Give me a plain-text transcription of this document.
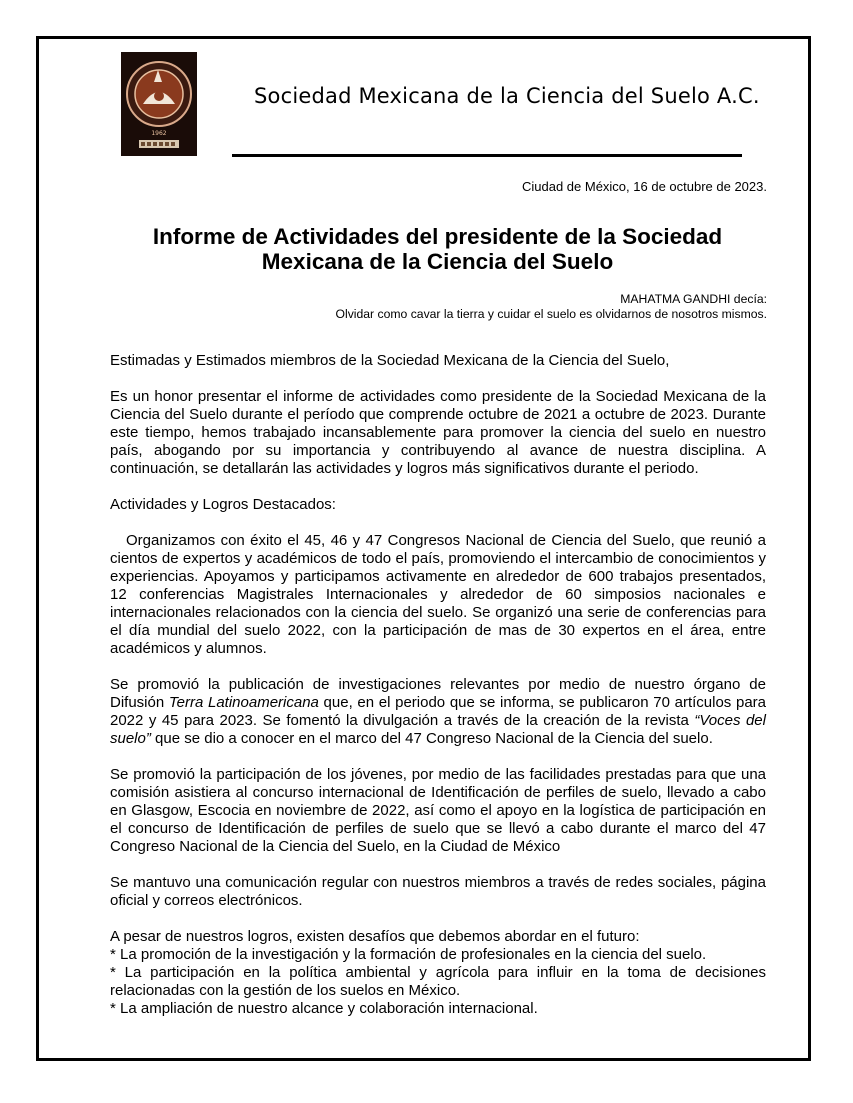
1962
Sociedad Mexicana de la Ciencia del Suelo A.C.
Ciudad de México, 16 de octubre de 2023.
Informe de Actividades del presidente de la Sociedad
Mexicana de la Ciencia del Suelo
MAHATMA GANDHI decía:
Olvidar como cavar la tierra y cuidar el suelo es olvidarnos de nosotros mismos.

Estimadas y Estimados miembros de la Sociedad Mexicana de la Ciencia del Suelo,

Es un honor presentar el informe de actividades como presidente de la Sociedad Mexicana de la Ciencia del Suelo durante el período que comprende octubre de 2021 a octubre de 2023. Durante este tiempo, hemos trabajado incansablemente para promover la ciencia del suelo en nuestro país, abogando por su importancia y contribuyendo al avance de nuestra disciplina. A continuación, se detallarán las actividades y logros más significativos durante el periodo.

Actividades y Logros Destacados:

Organizamos con éxito el 45, 46 y 47 Congresos Nacional de Ciencia del Suelo, que reunió a cientos de expertos y académicos de todo el país, promoviendo el intercambio de conocimientos y experiencias. Apoyamos y participamos activamente en alrededor de 600 trabajos presentados, 12 conferencias Magistrales Internacionales y alrededor de 60 simposios nacionales e internacionales relacionados con la ciencia del suelo. Se organizó una serie de conferencias para el día mundial del suelo 2022, con la participación de mas de 30 expertos en el área, entre académicos y alumnos.

Se promovió la publicación de investigaciones relevantes por medio de nuestro órgano de Difusión Terra Latinoamericana que, en el periodo que se informa, se publicaron 70 artículos para 2022 y 45 para 2023. Se fomentó la divulgación a través de la creación de la revista “Voces del suelo” que se dio a conocer en el marco del 47 Congreso Nacional de la Ciencia del suelo.

Se promovió la participación de los jóvenes, por medio de las facilidades prestadas para que una comisión asistiera al concurso internacional de Identificación de perfiles de suelo, llevado a cabo en Glasgow, Escocia en noviembre de 2022, así como el apoyo en la logística de participación en el concurso de Identificación de perfiles de suelo que se llevó a cabo durante el marco del 47 Congreso Nacional de la Ciencia del Suelo, en la Ciudad de México

Se mantuvo una comunicación regular con nuestros miembros a través de redes sociales, página oficial y correos electrónicos.

A pesar de nuestros logros, existen desafíos que debemos abordar en el futuro:
* La promoción de la investigación y la formación de profesionales en la ciencia del suelo.
* La participación en la política ambiental y agrícola para influir en la toma de decisiones relacionadas con la gestión de los suelos en México.
* La ampliación de nuestro alcance y colaboración internacional.
